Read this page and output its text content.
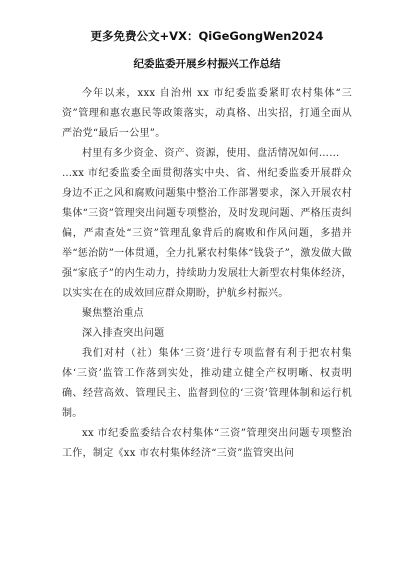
更多免费公文+VX：QiGeGongWen2024
纪委监委开展乡村振兴工作总结

今年以来，xxx 自治州 xx 市纪委监委紧盯农村集体“三资”管理和惠农惠民等政策落实，动真格、出实招，打通全面从严治党“最后一公里”。

村里有多少资金、资产、资源，使用、盘活情况如何……

…xx 市纪委监委全面贯彻落实中央、省、州纪委监委开展群众身边不正之风和腐败问题集中整治工作部署要求，深入开展农村集体“三资”管理突出问题专项整治，及时发现问题、严格压责纠偏，严肃查处“三资”管理乱象背后的腐败和作风问题，多措并举“惩治防”一体贯通，全力扎紧农村集体“钱袋子”，激发做大做强“家底子”的内生动力，持续助力发展壮大新型农村集体经济，以实实在在的成效回应群众期盼，护航乡村振兴。

聚焦整治重点

深入排查突出问题

我们对村（社）集体‘三资’进行专项监督有利于把农村集体‘三资’监管工作落到实处，推动建立健全产权明晰、权责明确、经营高效、管理民主、监督到位的‘三资’管理体制和运行机制。

xx 市纪委监委结合农村集体“三资”管理突出问题专项整治工作，制定《xx 市农村集体经济“三资”监管突出问
